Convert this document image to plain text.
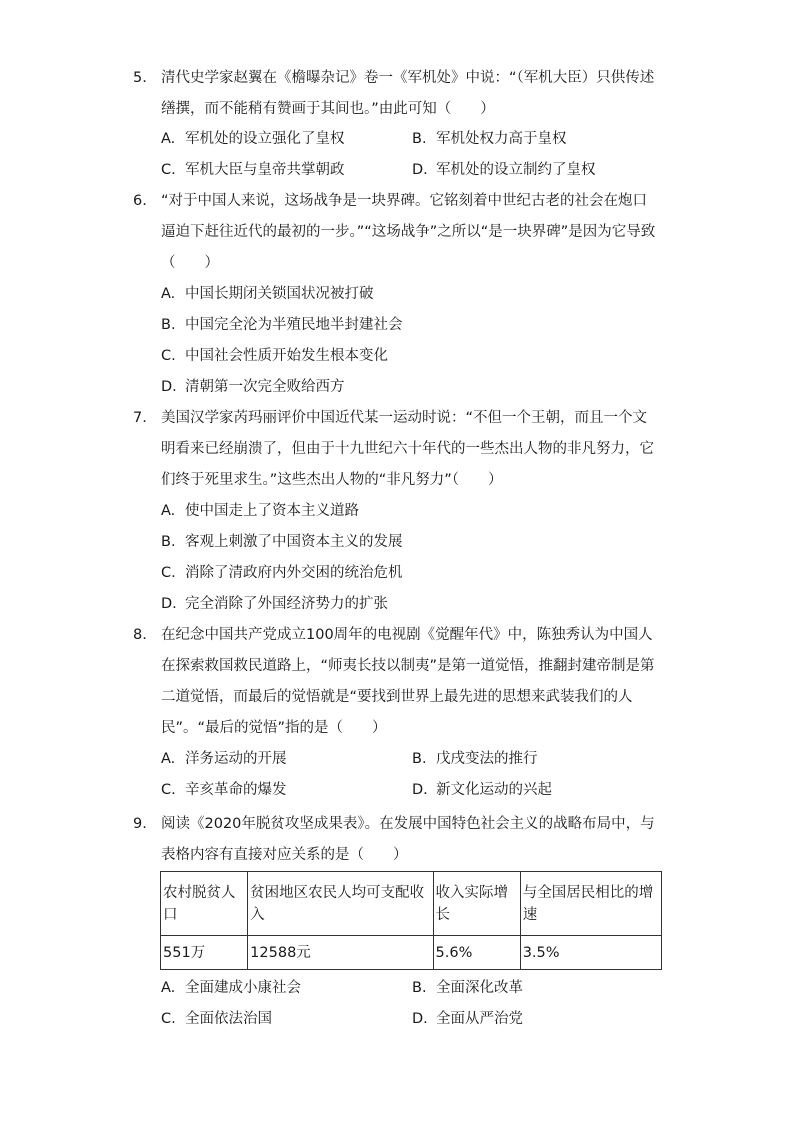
5. 清代史学家赵翼在《檐曝杂记》卷一《军机处》中说：“（军机大臣）只供传述缮撰，而不能稍有赞画于其间也。”由此可知（　　）
A. 军机处的设立强化了皇权	B. 军机处权力高于皇权
C. 军机大臣与皇帝共掌朝政	D. 军机处的设立制约了皇权
6. “对于中国人来说，这场战争是一块界碑。它铭刻着中世纪古老的社会在炮口逼迫下赶往近代的最初的一步。”“这场战争”之所以“是一块界碑”是因为它导致（　　）
A. 中国长期闭关锁国状况被打破
B. 中国完全沦为半殖民地半封建社会
C. 中国社会性质开始发生根本变化
D. 清朝第一次完全败给西方
7. 美国汉学家芮玛丽评价中国近代某一运动时说：“不但一个王朝，而且一个文明看来已经崩溃了，但由于十九世纪六十年代的一些杰出人物的非凡努力，它们终于死里求生。”这些杰出人物的“非凡努力”（　　）
A. 使中国走上了资本主义道路
B. 客观上刺激了中国资本主义的发展
C. 消除了清政府内外交困的统治危机
D. 完全消除了外国经济势力的扩张
8. 在纪念中国共产党成立100周年的电视剧《觉醒年代》中，陈独秀认为中国人在探索救国救民道路上，“师夷长技以制夷”是第一道觉悟，推翻封建帝制是第二道觉悟，而最后的觉悟就是“要找到世界上最先进的思想来武装我们的人民”。“最后的觉悟”指的是（　　）
A. 洋务运动的开展	B. 戊戌变法的推行
C. 辛亥革命的爆发	D. 新文化运动的兴起
9. 阅读《2020年脱贫攻坚成果表》。在发展中国特色社会主义的战略布局中，与表格内容有直接对应关系的是（　　）
农村脱贫人口	贫困地区农民人均可支配收入	收入实际增长	与全国居民相比的增速
551万	12588元	5.6%	3.5%
A. 全面建成小康社会	B. 全面深化改革
C. 全面依法治国	D. 全面从严治党
